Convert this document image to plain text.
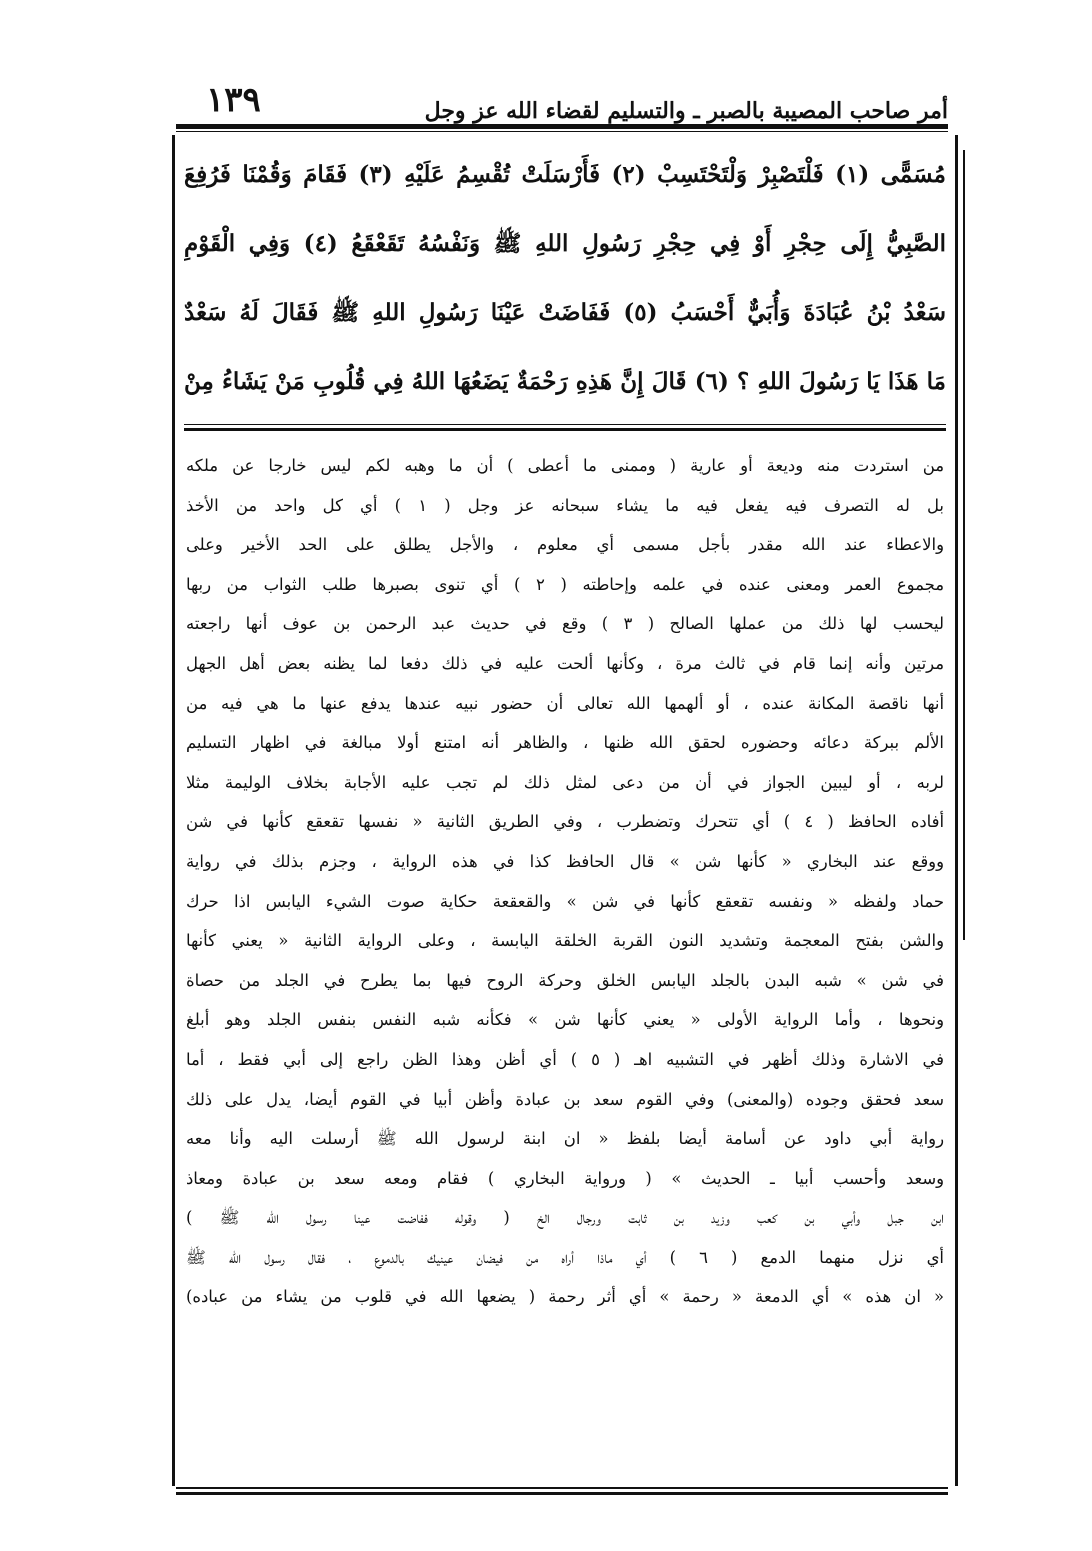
أمر صاحب المصيبة بالصبر ـ والتسليم لقضاء الله عز وجل
١٣٩
مُسَمًّى (١) فَلْتَصْبِرْ وَلْتَحْتَسِبْ (٢) فَأَرْسَلَتْ تُقْسِمُ عَلَيْهِ (٣) فَقَامَ وَقُمْنَا فَرُفِعَ
الصَّبِيُّ إِلَى حِجْرِ أَوْ فِي حِجْرِ رَسُولِ اللهِ ﷺ وَنَفْسُهُ تَقَعْقَعُ (٤) وَفِي الْقَوْمِ
سَعْدُ بْنُ عُبَادَةَ وَأُبَيٌّ أَحْسَبُ (٥) فَفَاضَتْ عَيْنَا رَسُولِ اللهِ ﷺ فَقَالَ لَهُ سَعْدٌ
مَا هَذَا يَا رَسُولَ اللهِ ؟ (٦) قَالَ إِنَّ هَذِهِ رَحْمَةٌ يَضَعُهَا اللهُ فِي قُلُوبِ مَنْ يَشَاءُ مِنْ
من استردت منه وديعة أو عارية ( وممنى ما أعطى ) أن ما وهبه لكم ليس خارجا عن ملكه
بل له التصرف فيه يفعل فيه ما يشاء سبحانه عز وجل ( ١ ) أي كل واحد من الأخذ
والاعطاء عند الله مقدر بأجل مسمى أي معلوم ، والأجل يطلق على الحد الأخير وعلى
مجموع العمر ومعنى عنده في علمه وإحاطته ( ٢ ) أي تنوى بصبرها طلب الثواب من ربها
ليحسب لها ذلك من عملها الصالح ( ٣ ) وقع في حديث عبد الرحمن بن عوف أنها راجعته
مرتين وأنه إنما قام في ثالث مرة ، وكأنها ألحت عليه في ذلك دفعا لما يظنه بعض أهل الجهل
أنها ناقصة المكانة عنده ، أو ألهمها الله تعالى أن حضور نبيه عندها يدفع عنها ما هي فيه من
الألم ببركة دعائه وحضوره لحقق الله ظنها ، والظاهر أنه امتنع أولا مبالغة في اظهار التسليم
لربه ، أو ليبين الجواز في أن من دعى لمثل ذلك لم تجب عليه الأجابة بخلاف الوليمة مثلا
أفاده الحافظ ( ٤ ) أي تتحرك وتضطرب ، وفي الطريق الثانية « نفسها تقعقع كأنها في شن
ووقع عند البخاري « كأنها شن » قال الحافظ كذا في هذه الرواية ، وجزم بذلك في رواية
حماد ولفظه « ونفسه تقعقع كأنها في شن » والقعقعة حكاية صوت الشيء اليابس اذا حرك
والشن بفتح المعجمة وتشديد النون القربة الخلقة اليابسة ، وعلى الرواية الثانية « يعني كأنها
في شن » شبه البدن بالجلد اليابس الخلق وحركة الروح فيها بما يطرح في الجلد من حصاة
ونحوها ، وأما الرواية الأولى « يعني كأنها شن » فكأنه شبه النفس بنفس الجلد وهو أبلغ
في الاشارة وذلك أظهر في التشبيه اهـ ( ٥ ) أي أظن وهذا الظن راجع إلى أبي فقط ، أما
سعد فحقق وجوده (والمعنى) وفي القوم سعد بن عبادة وأظن أبيا في القوم أيضا، يدل على ذلك
رواية أبي داود عن أسامة أيضا بلفظ « ان ابنة لرسول الله ﷺ أرسلت اليه وأنا معه
وسعد وأحسب أبيا ـ الحديث » ( ورواية البخاري ) فقام ومعه سعد بن عبادة ومعاذ
ابن جبل وأبي بن كعب وزيد بن ثابت ورجال الخ ( وقوله ففاضت عينا رسول الله ﷺ )
أي نزل منهما الدمع ( ٦ ) أي ماذا أراه من فيضان عينيك بالدموع ، فقال رسول الله ﷺ
« ان هذه » أي الدمعة « رحمة » أي أثر رحمة ( يضعها الله في قلوب من يشاء من عباده)
